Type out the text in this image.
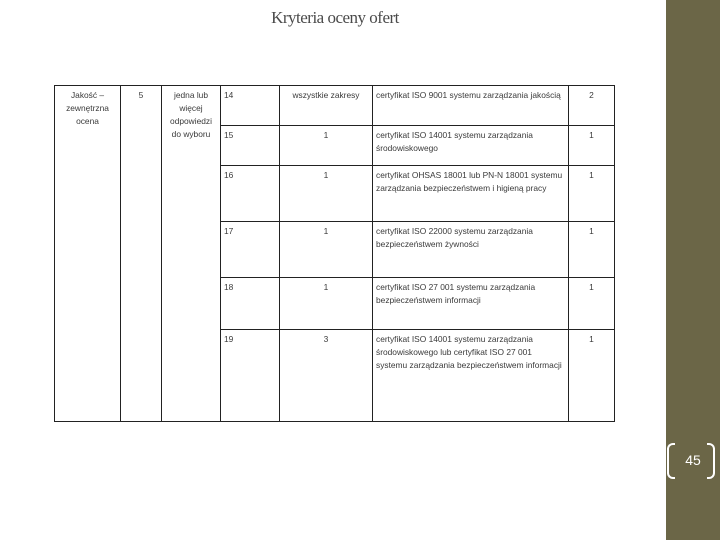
Kryteria oceny ofert
Jakość – zewnętrzna ocena	5	jedna lub więcej odpowiedzi do wyboru	14	wszystkie zakresy	certyfikat ISO 9001 systemu zarządzania jakością	2
			15	1	certyfikat ISO 14001 systemu zarządzania środowiskowego	1
			16	1	certyfikat OHSAS 18001 lub PN-N 18001 systemu zarządzania bezpieczeństwem i higieną pracy	1
			17	1	certyfikat ISO 22000 systemu zarządzania bezpieczeństwem żywności	1
			18	1	certyfikat ISO 27 001 systemu zarządzania bezpieczeństwem informacji	1
			19	3	certyfikat ISO 14001 systemu zarządzania środowiskowego lub certyfikat ISO 27 001 systemu zarządzania bezpieczeństwem informacji	1
45
